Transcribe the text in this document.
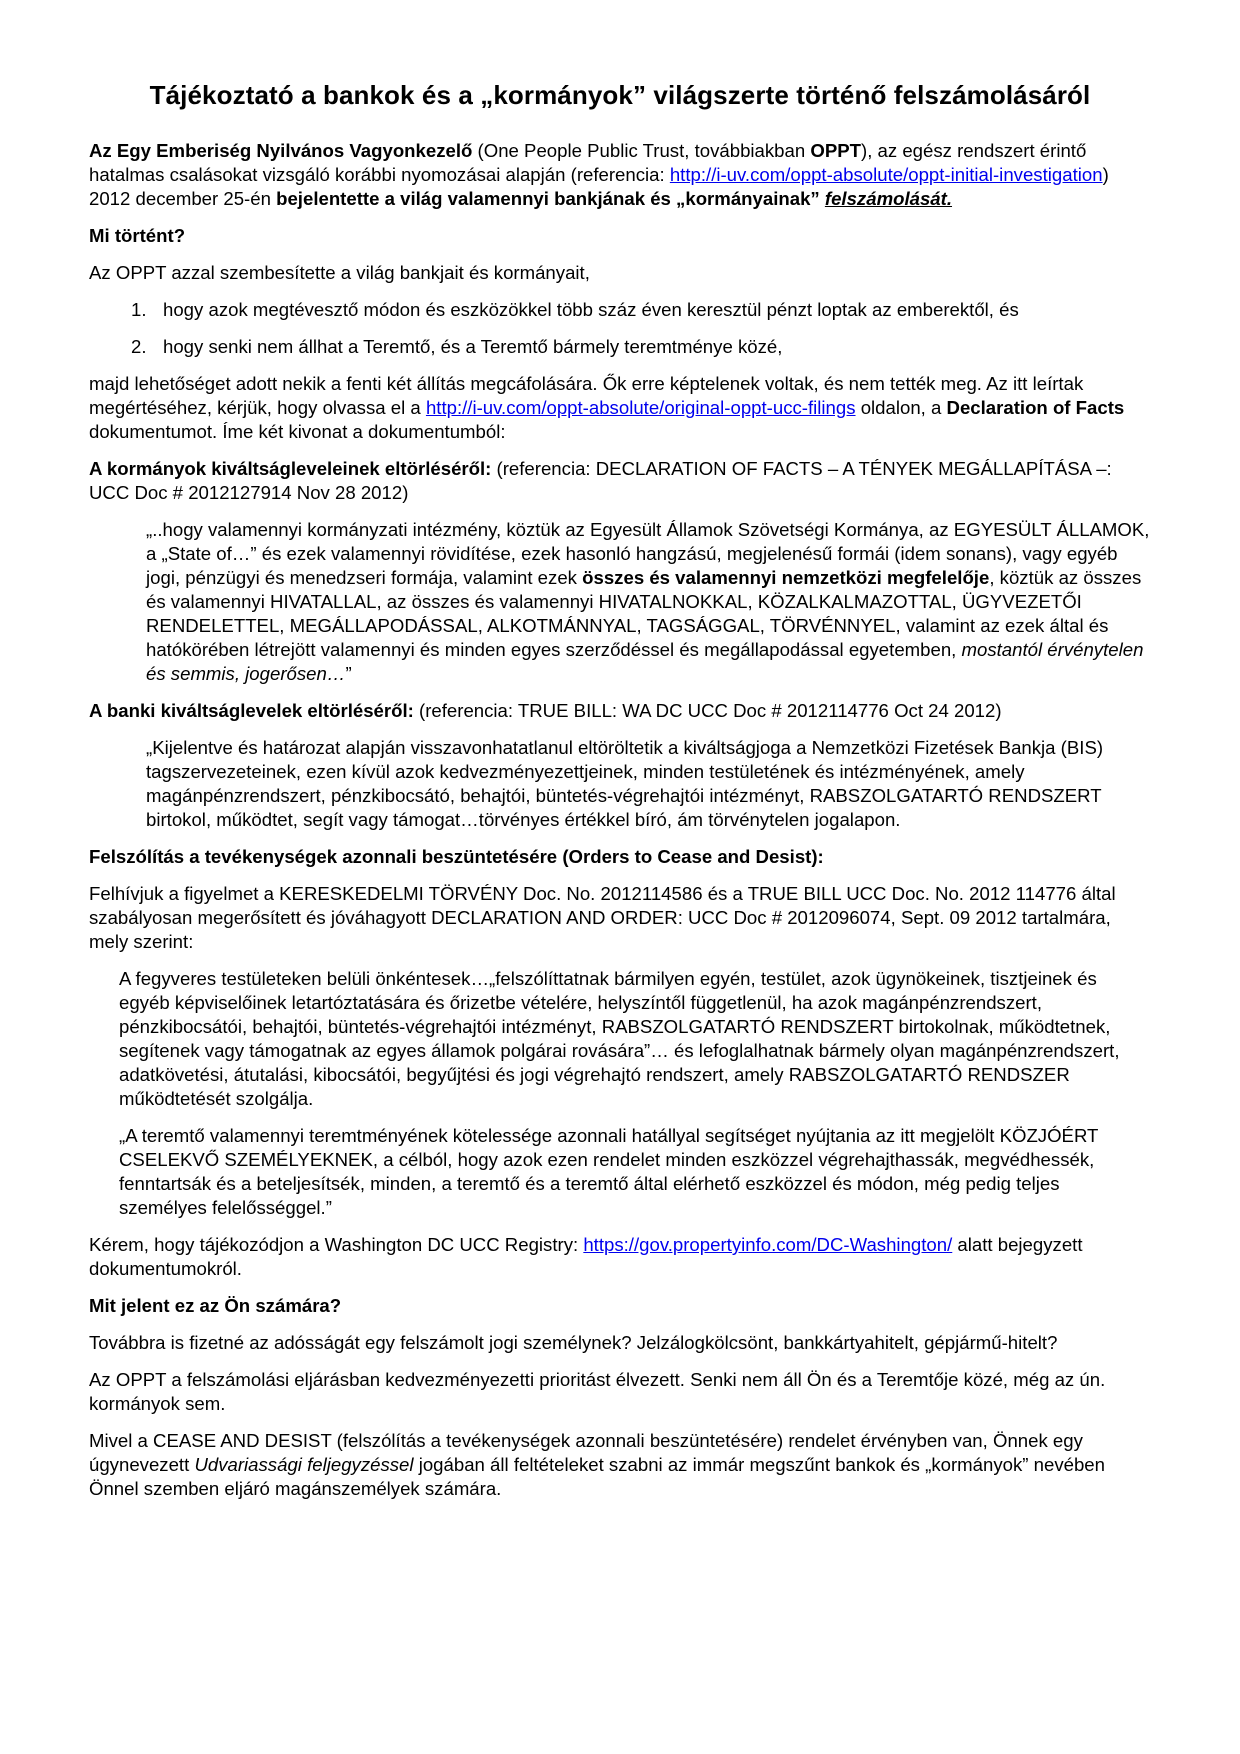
Tájékoztató a bankok és a „kormányok” világszerte történő felszámolásáról

Az Egy Emberiség Nyilvános Vagyonkezelő (One People Public Trust, továbbiakban OPPT), az egész rendszert érintő hatalmas csalásokat vizsgáló korábbi nyomozásai alapján (referencia: http://i-uv.com/oppt-absolute/oppt-initial-investigation) 2012 december 25-én bejelentette a világ valamennyi bankjának és „kormányainak” felszámolását.

Mi történt?

Az OPPT azzal szembesítette a világ bankjait és kormányait,

1. hogy azok megtévesztő módon és eszközökkel több száz éven keresztül pénzt loptak az emberektől, és
2. hogy senki nem állhat a Teremtő, és a Teremtő bármely teremtménye közé,

majd lehetőséget adott nekik a fenti két állítás megcáfolására. Ők erre képtelenek voltak, és nem tették meg. Az itt leírtak megértéséhez, kérjük, hogy olvassa el a http://i-uv.com/oppt-absolute/original-oppt-ucc-filings oldalon, a Declaration of Facts dokumentumot. Íme két kivonat a dokumentumból:

A kormányok kiváltságleveleinek eltörléséről: (referencia: DECLARATION OF FACTS – A TÉNYEK MEGÁLLAPÍTÁSA –: UCC Doc # 2012127914 Nov 28 2012)

„..hogy valamennyi kormányzati intézmény, köztük az Egyesült Államok Szövetségi Kormánya, az EGYESÜLT ÁLLAMOK, a „State of…” és ezek valamennyi rövidítése, ezek hasonló hangzású, megjelenésű formái (idem sonans), vagy egyéb jogi, pénzügyi és menedzseri formája, valamint ezek összes és valamennyi nemzetközi megfelelője, köztük az összes és valamennyi HIVATALLAL, az összes és valamennyi HIVATALNOKKAL, KÖZALKALMAZOTTAL, ÜGYVEZETŐI RENDELETTEL, MEGÁLLAPODÁSSAL, ALKOTMÁNNYAL, TAGSÁGGAL, TÖRVÉNNYEL, valamint az ezek által és hatókörében létrejött valamennyi és minden egyes szerződéssel és megállapodással egyetemben, mostantól érvénytelen és semmis, jogerősen…”

A banki kiváltságlevelek eltörléséről: (referencia: TRUE BILL: WA DC UCC Doc # 2012114776 Oct 24 2012)

„Kijelentve és határozat alapján visszavonhatatlanul eltöröltetik a kiváltságjoga a Nemzetközi Fizetések Bankja (BIS) tagszervezeteinek, ezen kívül azok kedvezményezettjeinek, minden testületének és intézményének, amely magánpénzrendszert, pénzkibocsátó, behajtói, büntetés-végrehajtói intézményt, RABSZOLGATARTÓ RENDSZERT birtokol, működtet, segít vagy támogat…törvényes értékkel bíró, ám törvénytelen jogalapon.

Felszólítás a tevékenységek azonnali beszüntetésére (Orders to Cease and Desist):

Felhívjuk a figyelmet a KERESKEDELMI TÖRVÉNY Doc. No. 2012114586 és a TRUE BILL UCC Doc. No. 2012 114776 által szabályosan megerősített és jóváhagyott DECLARATION AND ORDER: UCC Doc # 2012096074, Sept. 09 2012 tartalmára, mely szerint:

A fegyveres testületeken belüli önkéntesek…„felszólíttatnak bármilyen egyén, testület, azok ügynökeinek, tisztjeinek és egyéb képviselőinek letartóztatására és őrizetbe vételére, helyszíntől függetlenül, ha azok magánpénzrendszert, pénzkibocsátói, behajtói, büntetés-végrehajtói intézményt, RABSZOLGATARTÓ RENDSZERT birtokolnak, működtetnek, segítenek vagy támogatnak az egyes államok polgárai rovására”… és lefoglalhatnak bármely olyan magánpénzrendszert, adatkövetési, átutalási, kibocsátói, begyűjtési és jogi végrehajtó rendszert, amely RABSZOLGATARTÓ RENDSZER működtetését szolgálja.

„A teremtő valamennyi teremtményének kötelessége azonnali hatállyal segítséget nyújtania az itt megjelölt KÖZJÓÉRT CSELEKVŐ SZEMÉLYEKNEK, a célból, hogy azok ezen rendelet minden eszközzel végrehajthassák, megvédhessék, fenntartsák és a beteljesítsék, minden, a teremtő és a teremtő által elérhető eszközzel és módon, még pedig teljes személyes felelősséggel.”

Kérem, hogy tájékozódjon a Washington DC UCC Registry: https://gov.propertyinfo.com/DC-Washington/ alatt bejegyzett dokumentumokról.

Mit jelent ez az Ön számára?

Továbbra is fizetné az adósságát egy felszámolt jogi személynek? Jelzálogkölcsönt, bankkártyahitelt, gépjármű-hitelt?

Az OPPT a felszámolási eljárásban kedvezményezetti prioritást élvezett. Senki nem áll Ön és a Teremtője közé, még az ún. kormányok sem.

Mivel a CEASE AND DESIST (felszólítás a tevékenységek azonnali beszüntetésére) rendelet érvényben van, Önnek egy úgynevezett Udvariassági feljegyzéssel jogában áll feltételeket szabni az immár megszűnt bankok és „kormányok” nevében Önnel szemben eljáró magánszemélyek számára.
